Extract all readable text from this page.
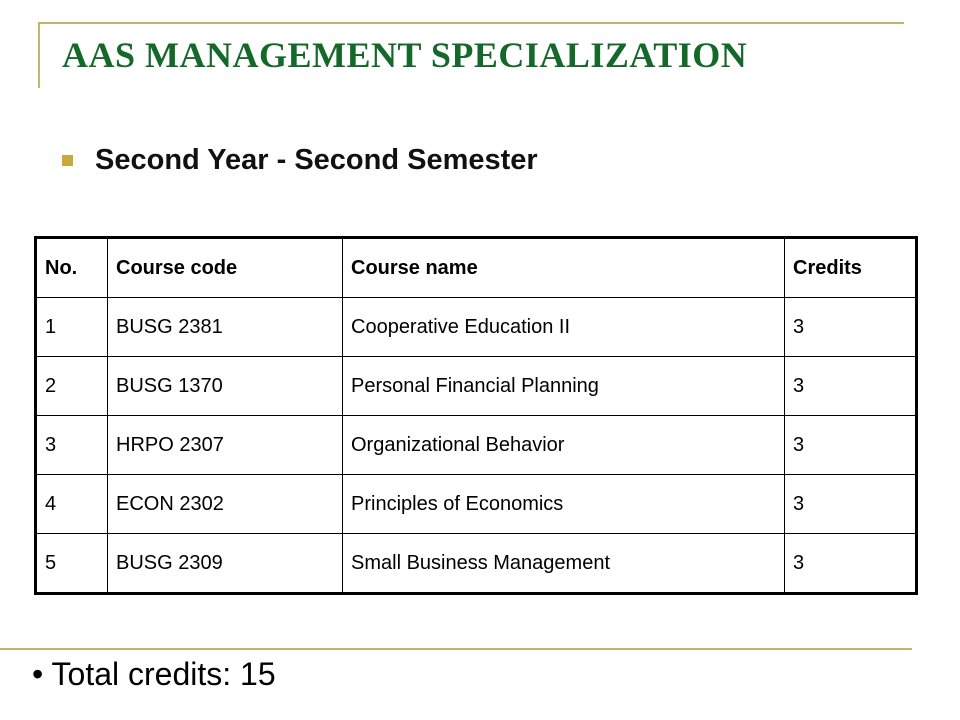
AAS MANAGEMENT SPECIALIZATION
Second Year - Second Semester
No.	Course code	Course name	Credits
1	BUSG 2381	Cooperative Education II	3
2	BUSG 1370	Personal Financial Planning	3
3	HRPO 2307	Organizational Behavior	3
4	ECON 2302	Principles of Economics	3
5	BUSG 2309	Small Business Management	3
• Total credits: 15
